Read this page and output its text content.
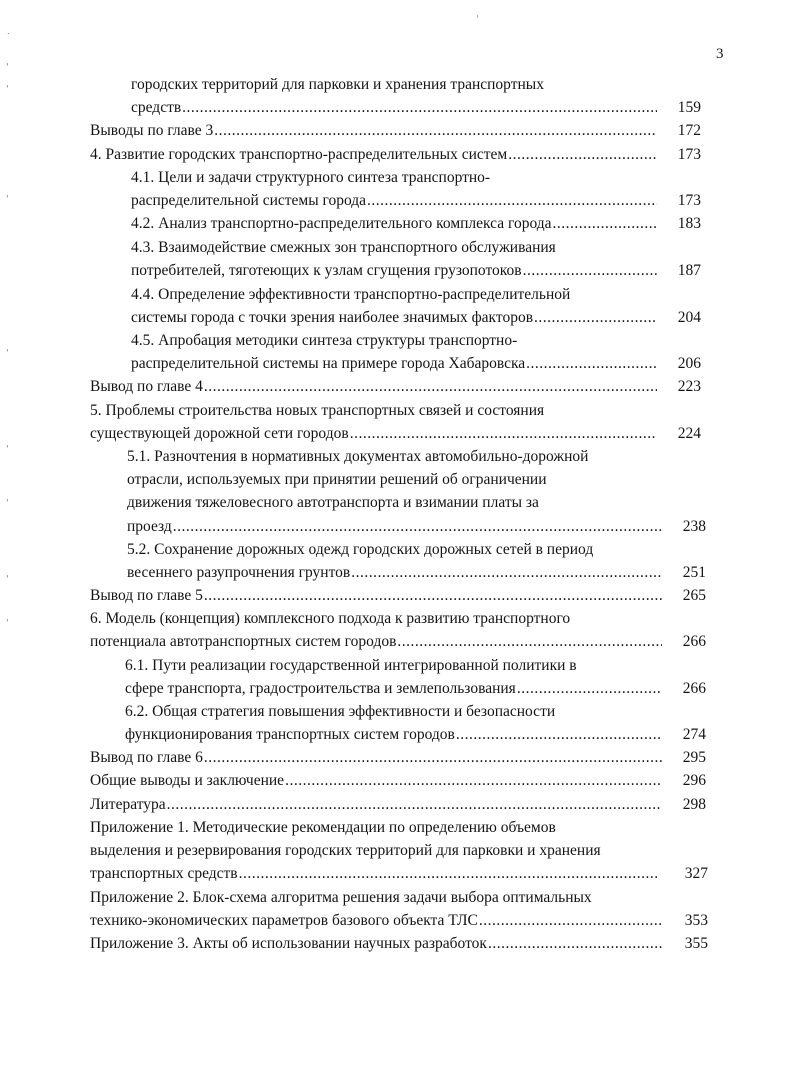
3
городских территорий для парковки и хранения транспортных
средств .....	159
Выводы по главе 3 .....	172
4. Развитие городских транспортно-распределительных систем .....	173
4.1. Цели и задачи структурного синтеза транспортно-
распределительной системы города .....	173
4.2. Анализ транспортно-распределительного комплекса города .....	183
4.3. Взаимодействие смежных зон транспортного обслуживания
потребителей, тяготеющих к узлам сгущения грузопотоков .....	187
4.4. Определение эффективности транспортно-распределительной
системы города с точки зрения наиболее значимых факторов .....	204
4.5. Апробация методики синтеза структуры транспортно-
распределительной системы на примере города Хабаровска .....	206
Вывод по главе 4 .....	223
5. Проблемы строительства новых транспортных связей и состояния
существующей дорожной сети городов .....	224
5.1. Разночтения в нормативных документах автомобильно-дорожной
отрасли, используемых при принятии решений об ограничении
движения тяжеловесного автотранспорта и взимании платы за
проезд .....	238
5.2. Сохранение дорожных одежд городских дорожных сетей в период
весеннего разупрочнения грунтов .....	251
Вывод по главе 5 .....	265
6. Модель (концепция) комплексного подхода к развитию транспортного
потенциала автотранспортных систем городов .....	266
6.1. Пути реализации государственной интегрированной политики в
сфере транспорта, градостроительства и землепользования .....	266
6.2. Общая стратегия повышения эффективности и безопасности
функционирования транспортных систем городов .....	274
Вывод по главе 6 .....	295
Общие выводы и заключение .....	296
Литература .....	298
Приложение 1. Методические рекомендации по определению объемов
выделения и резервирования городских территорий для парковки и хранения
транспортных средств .....	327
Приложение 2. Блок-схема алгоритма решения задачи выбора оптимальных
технико-экономических параметров базового объекта ТЛС .....	353
Приложение 3. Акты об использовании научных разработок .....	355
˙
ˌ
ˈ
ˌ
ˈ
ˌ
ˈ
ˌ
ˈ
ˈ
